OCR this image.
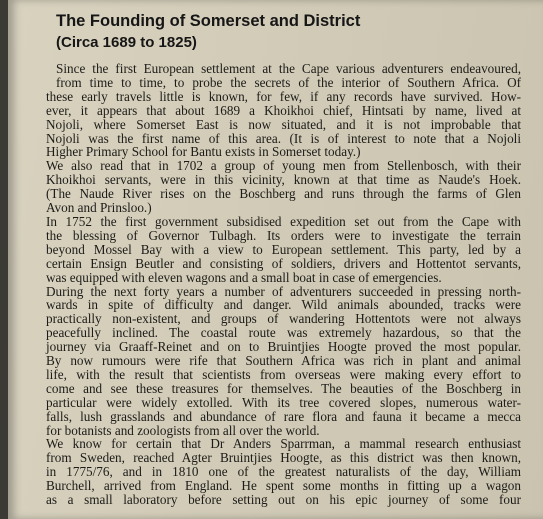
The Founding of Somerset and District
(Circa 1689 to 1825)
Since the first European settlement at the Cape various adventurers endeavoured,
from time to time, to probe the secrets of the interior of Southern Africa. Of
these early travels little is known, for few, if any records have survived. How-
ever, it appears that about 1689 a Khoikhoi chief, Hintsati by name, lived at
Nojoli, where Somerset East is now situated, and it is not improbable that
Nojoli was the first name of this area. (It is of interest to note that a Nojoli
Higher Primary School for Bantu exists in Somerset today.)
We also read that in 1702 a group of young men from Stellenbosch, with their
Khoikhoi servants, were in this vicinity, known at that time as Naude's Hoek.
(The Naude River rises on the Boschberg and runs through the farms of Glen
Avon and Prinsloo.)
In 1752 the first government subsidised expedition set out from the Cape with
the blessing of Governor Tulbagh. Its orders were to investigate the terrain
beyond Mossel Bay with a view to European settlement. This party, led by a
certain Ensign Beutler and consisting of soldiers, drivers and Hottentot servants,
was equipped with eleven wagons and a small boat in case of emergencies.
During the next forty years a number of adventurers succeeded in pressing north-
wards in spite of difficulty and danger. Wild animals abounded, tracks were
practically non-existent, and groups of wandering Hottentots were not always
peacefully inclined. The coastal route was extremely hazardous, so that the
journey via Graaff-Reinet and on to Bruintjies Hoogte proved the most popular.
By now rumours were rife that Southern Africa was rich in plant and animal
life, with the result that scientists from overseas were making every effort to
come and see these treasures for themselves. The beauties of the Boschberg in
particular were widely extolled. With its tree covered slopes, numerous water-
falls, lush grasslands and abundance of rare flora and fauna it became a mecca
for botanists and zoologists from all over the world.
We know for certain that Dr Anders Sparrman, a mammal research enthusiast
from Sweden, reached Agter Bruintjies Hoogte, as this district was then known,
in 1775/76, and in 1810 one of the greatest naturalists of the day, William
Burchell, arrived from England. He spent some months in fitting up a wagon
as a small laboratory before setting out on his epic journey of some four
